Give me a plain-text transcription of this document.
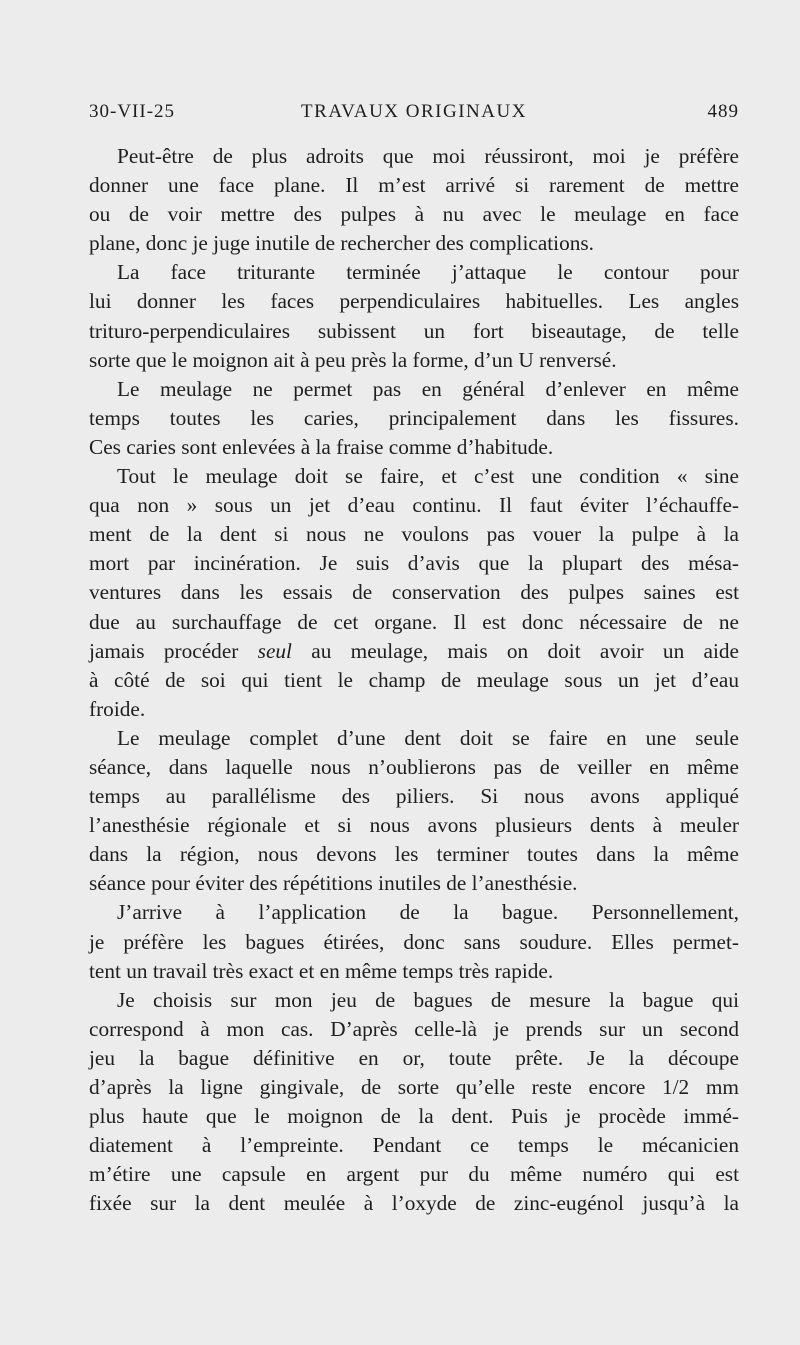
30-VII-25	TRAVAUX ORIGINAUX	489
Peut-être de plus adroits que moi réussiront, moi je préfère
donner une face plane. Il m’est arrivé si rarement de mettre
ou de voir mettre des pulpes à nu avec le meulage en face
plane, donc je juge inutile de rechercher des complications.
La face triturante terminée j’attaque le contour pour
lui donner les faces perpendiculaires habituelles. Les angles
trituro-perpendiculaires subissent un fort biseautage, de telle
sorte que le moignon ait à peu près la forme, d’un U renversé.
Le meulage ne permet pas en général d’enlever en même
temps toutes les caries, principalement dans les fissures.
Ces caries sont enlevées à la fraise comme d’habitude.
Tout le meulage doit se faire, et c’est une condition « sine
qua non » sous un jet d’eau continu. Il faut éviter l’échauffe-
ment de la dent si nous ne voulons pas vouer la pulpe à la
mort par incinération. Je suis d’avis que la plupart des mésa-
ventures dans les essais de conservation des pulpes saines est
due au surchauffage de cet organe. Il est donc nécessaire de ne
jamais procéder seul au meulage, mais on doit avoir un aide
à côté de soi qui tient le champ de meulage sous un jet d’eau
froide.
Le meulage complet d’une dent doit se faire en une seule
séance, dans laquelle nous n’oublierons pas de veiller en même
temps au parallélisme des piliers. Si nous avons appliqué
l’anesthésie régionale et si nous avons plusieurs dents à meuler
dans la région, nous devons les terminer toutes dans la même
séance pour éviter des répétitions inutiles de l’anesthésie.
J’arrive à l’application de la bague. Personnellement,
je préfère les bagues étirées, donc sans soudure. Elles permet-
tent un travail très exact et en même temps très rapide.
Je choisis sur mon jeu de bagues de mesure la bague qui
correspond à mon cas. D’après celle-là je prends sur un second
jeu la bague définitive en or, toute prête. Je la découpe
d’après la ligne gingivale, de sorte qu’elle reste encore 1/2 mm
plus haute que le moignon de la dent. Puis je procède immé-
diatement à l’empreinte. Pendant ce temps le mécanicien
m’étire une capsule en argent pur du même numéro qui est
fixée sur la dent meulée à l’oxyde de zinc-eugénol jusqu’à la
